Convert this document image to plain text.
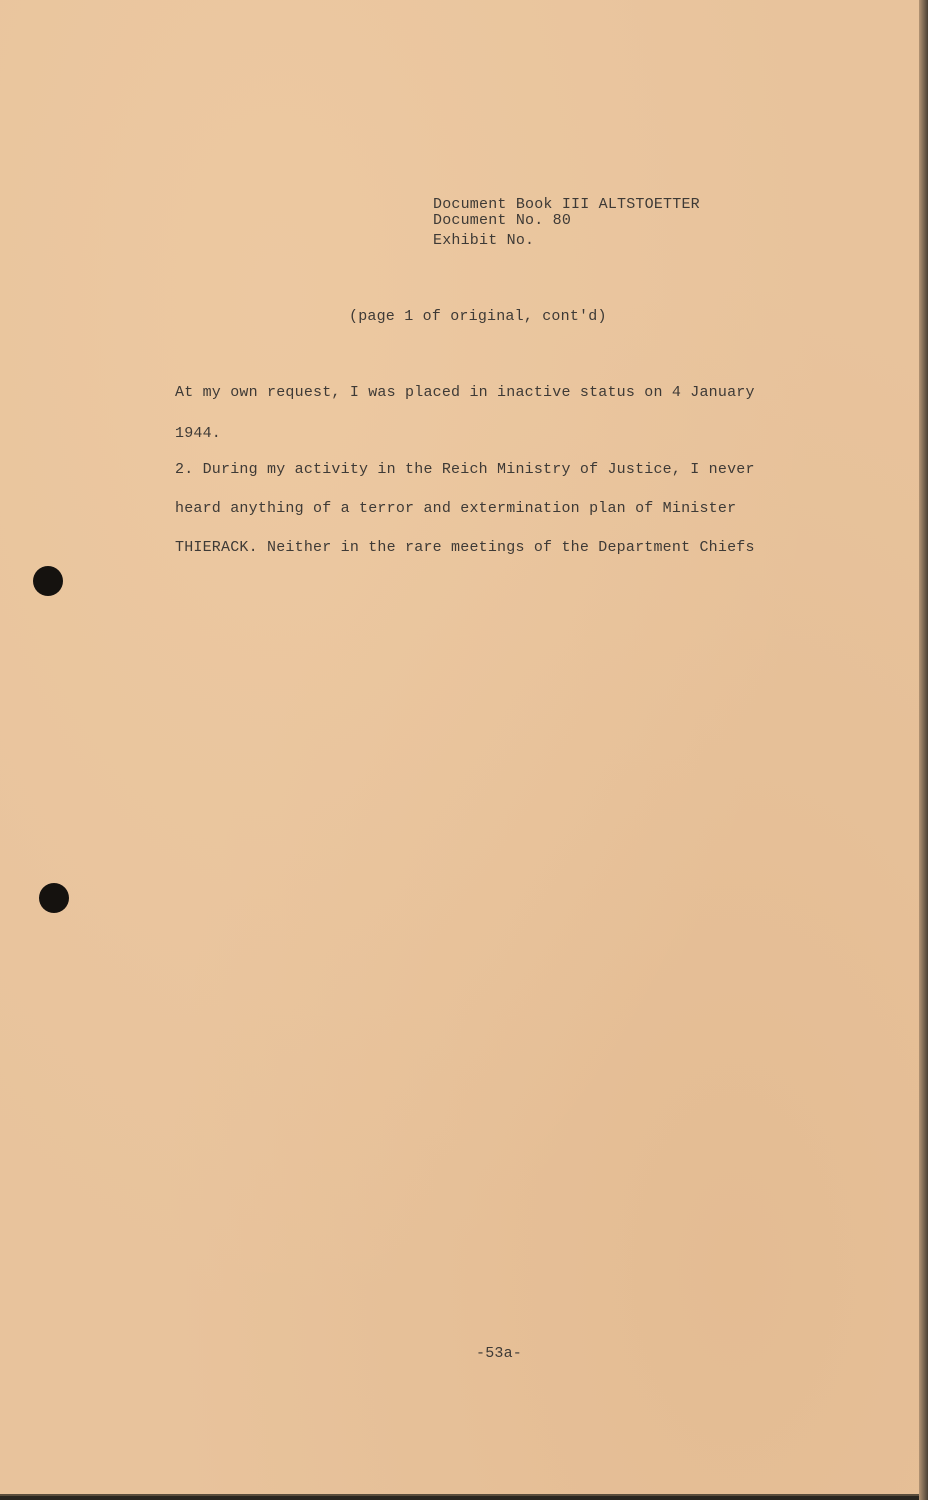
Document Book III ALTSTOETTER
Document No. 80
Exhibit No.
(page 1 of original, cont'd)
At my own request, I was placed in inactive status on 4 January
1944.
2. During my activity in the Reich Ministry of Justice, I never
heard anything of a terror and extermination plan of Minister
THIERACK. Neither in the rare meetings of the Department Chiefs
-53a-
